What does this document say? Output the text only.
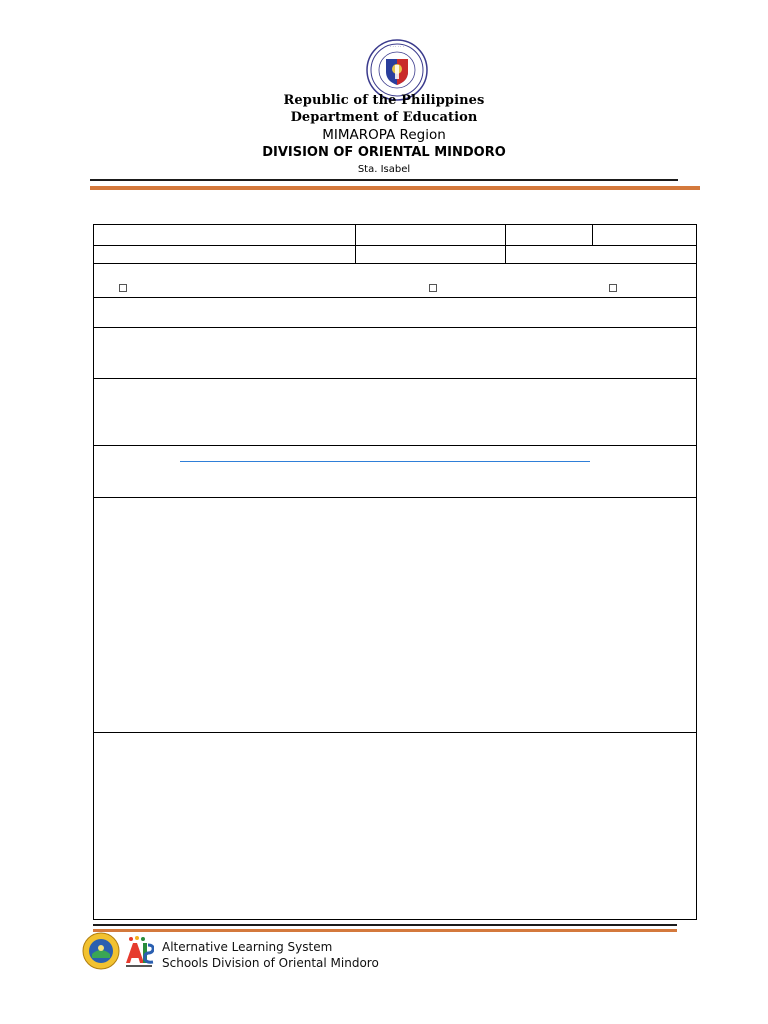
· · · · · ·
Republic of the Philippines
Department of Education
MIMAROPA Region
DIVISION OF ORIENTAL MINDORO
Sta. Isabel
Alternative Learning System
Schools Division of Oriental Mindoro
